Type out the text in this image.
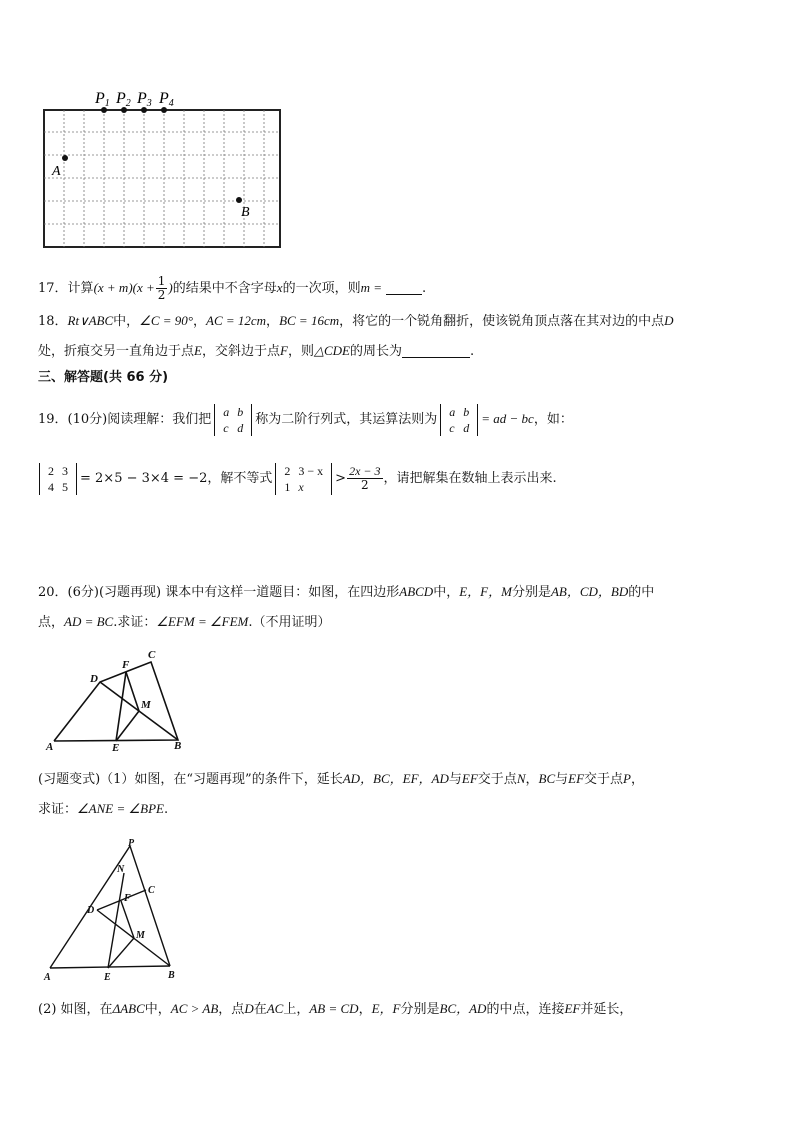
P1 P2 P3 P4
A
B
17．计算$(x + m)(x + \frac{1}{2}$ )的结果中不含字母x的一次项，则m =	.
18．Rt∨ABC中，∠C = 90°，AC = 12cm，BC = 16cm，将它的一个锐角翻折，使该锐角顶点落在其对边的中点D
处，折痕交另一直角边于点E，交斜边于点F，则△CDE的周长为	.
三、解答题(共 66 分)
19．(10分)阅读理解：我们把
a	b
c	d
称为二阶行列式，其运算法则为
a	b
c	d
= ad − bc，如：
2	3
4	5
= 2×5 − 3×4 = −2，解不等式
2	3 − x
1	x
> $\frac{2x - 3}{2}$ ，请把解集在数轴上表示出来.
20．(6分)(习题再现) 课本中有这样一道题目：如图，在四边形ABCD中，E，F，M分别是AB，CD，BD的中
点，AD = BC.求证：∠EFM = ∠FEM.（不用证明）
D
F
C
M
A	E	B
(习题变式)（1）如图，在“习题再现”的条件下，延长AD，BC，EF，AD与EF交于点N，BC与EF交于点P，
求证：∠ANE = ∠BPE.
P
N
C
F
D
M
A	E	B
(2) 如图，在ΔABC中，AC > AB，点D在AC上，AB = CD，E，F分别是BC，AD的中点，连接EF并延长，
